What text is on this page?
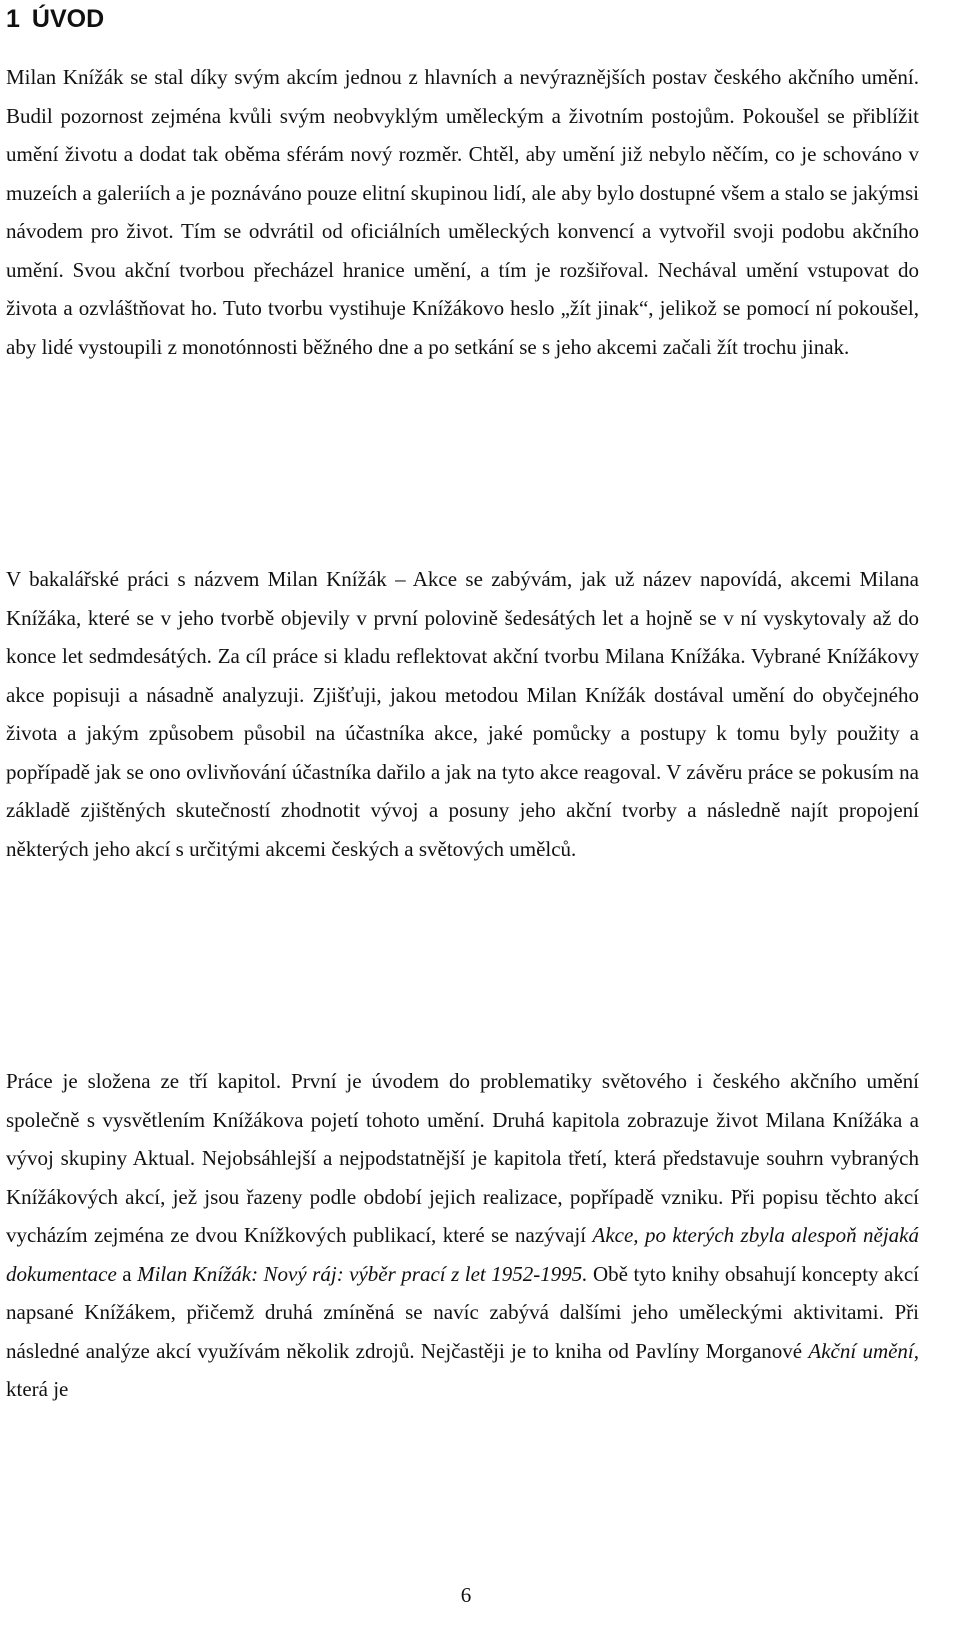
1 ÚVOD

Milan Knížák se stal díky svým akcím jednou z hlavních a nevýraznějších postav českého akčního umění. Budil pozornost zejména kvůli svým neobvyklým uměleckým a životním postojům. Pokoušel se přiblížit umění životu a dodat tak oběma sférám nový rozměr. Chtěl, aby umění již nebylo něčím, co je schováno v muzeích a galeriích a je poznáváno pouze elitní skupinou lidí, ale aby bylo dostupné všem a stalo se jakýmsi návodem pro život. Tím se odvrátil od oficiálních uměleckých konvencí a vytvořil svoji podobu akčního umění. Svou akční tvorbou přecházel hranice umění, a tím je rozšiřoval. Nechával umění vstupovat do života a ozvláštňovat ho. Tuto tvorbu vystihuje Knížákovo heslo „žít jinak“, jelikož se pomocí ní pokoušel, aby lidé vystoupili z monotónnosti běžného dne a po setkání se s jeho akcemi začali žít trochu jinak.

V bakalářské práci s názvem Milan Knížák – Akce se zabývám, jak už název napovídá, akcemi Milana Knížáka, které se v jeho tvorbě objevily v první polovině šedesátých let a hojně se v ní vyskytovaly až do konce let sedmdesátých. Za cíl práce si kladu reflektovat akční tvorbu Milana Knížáka. Vybrané Knížákovy akce popisuji a násadně analyzuji. Zjišťuji, jakou metodou Milan Knížák dostával umění do obyčejného života a jakým způsobem působil na účastníka akce, jaké pomůcky a postupy k tomu byly použity a popřípadě jak se ono ovlivňování účastníka dařilo a jak na tyto akce reagoval. V závěru práce se pokusím na základě zjištěných skutečností zhodnotit vývoj a posuny jeho akční tvorby a následně najít propojení některých jeho akcí s určitými akcemi českých a světových umělců.

Práce je složena ze tří kapitol. První je úvodem do problematiky světového i českého akčního umění společně s vysvětlením Knížákova pojetí tohoto umění. Druhá kapitola zobrazuje život Milana Knížáka a vývoj skupiny Aktual. Nejobsáhlejší a nejpodstatnější je kapitola třetí, která představuje souhrn vybraných Knížákových akcí, jež jsou řazeny podle období jejich realizace, popřípadě vzniku. Při popisu těchto akcí vycházím zejména ze dvou Knížkových publikací, které se nazývají Akce, po kterých zbyla alespoň nějaká dokumentace a Milan Knížák: Nový ráj: výběr prací z let 1952-1995. Obě tyto knihy obsahují koncepty akcí napsané Knížákem, přičemž druhá zmíněná se navíc zabývá dalšími jeho uměleckými aktivitami. Při následné analýze akcí využívám několik zdrojů. Nejčastěji je to kniha od Pavlíny Morganové Akční umění, která je

6
